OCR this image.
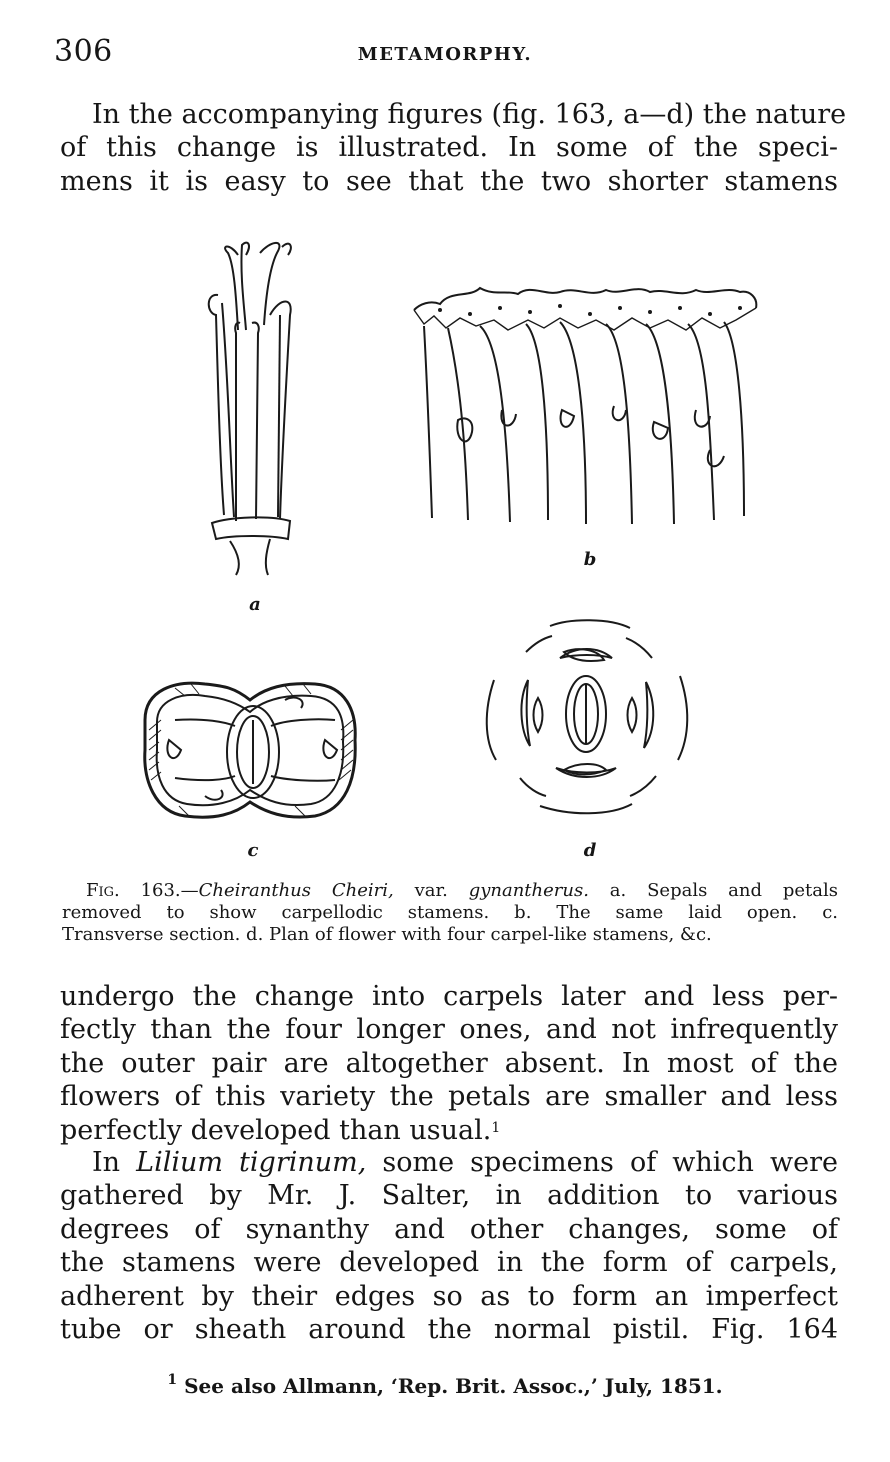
306	METAMORPHY.

In the accompanying figures (fig. 163, a—d) the nature
of this change is illustrated. In some of the speci-
mens it is easy to see that the two shorter stamens

a
b
c	d

Fig. 163.—Cheiranthus Cheiri, var. gynantherus. a. Sepals and petals
removed to show carpellodic stamens. b. The same laid open. c.
Transverse section. d. Plan of flower with four carpel-like stamens, &c.

undergo the change into carpels later and less per-
fectly than the four longer ones, and not infrequently
the outer pair are altogether absent. In most of the
flowers of this variety the petals are smaller and less
perfectly developed than usual.$^1$

In Lilium tigrinum, some specimens of which were
gathered by Mr. J. Salter, in addition to various
degrees of synanthy and other changes, some of
the stamens were developed in the form of carpels,
adherent by their edges so as to form an imperfect
tube or sheath around the normal pistil. Fig. 164

$^1$ See also Allmann, ‘Rep. Brit. Assoc.,’ July, 1851.
